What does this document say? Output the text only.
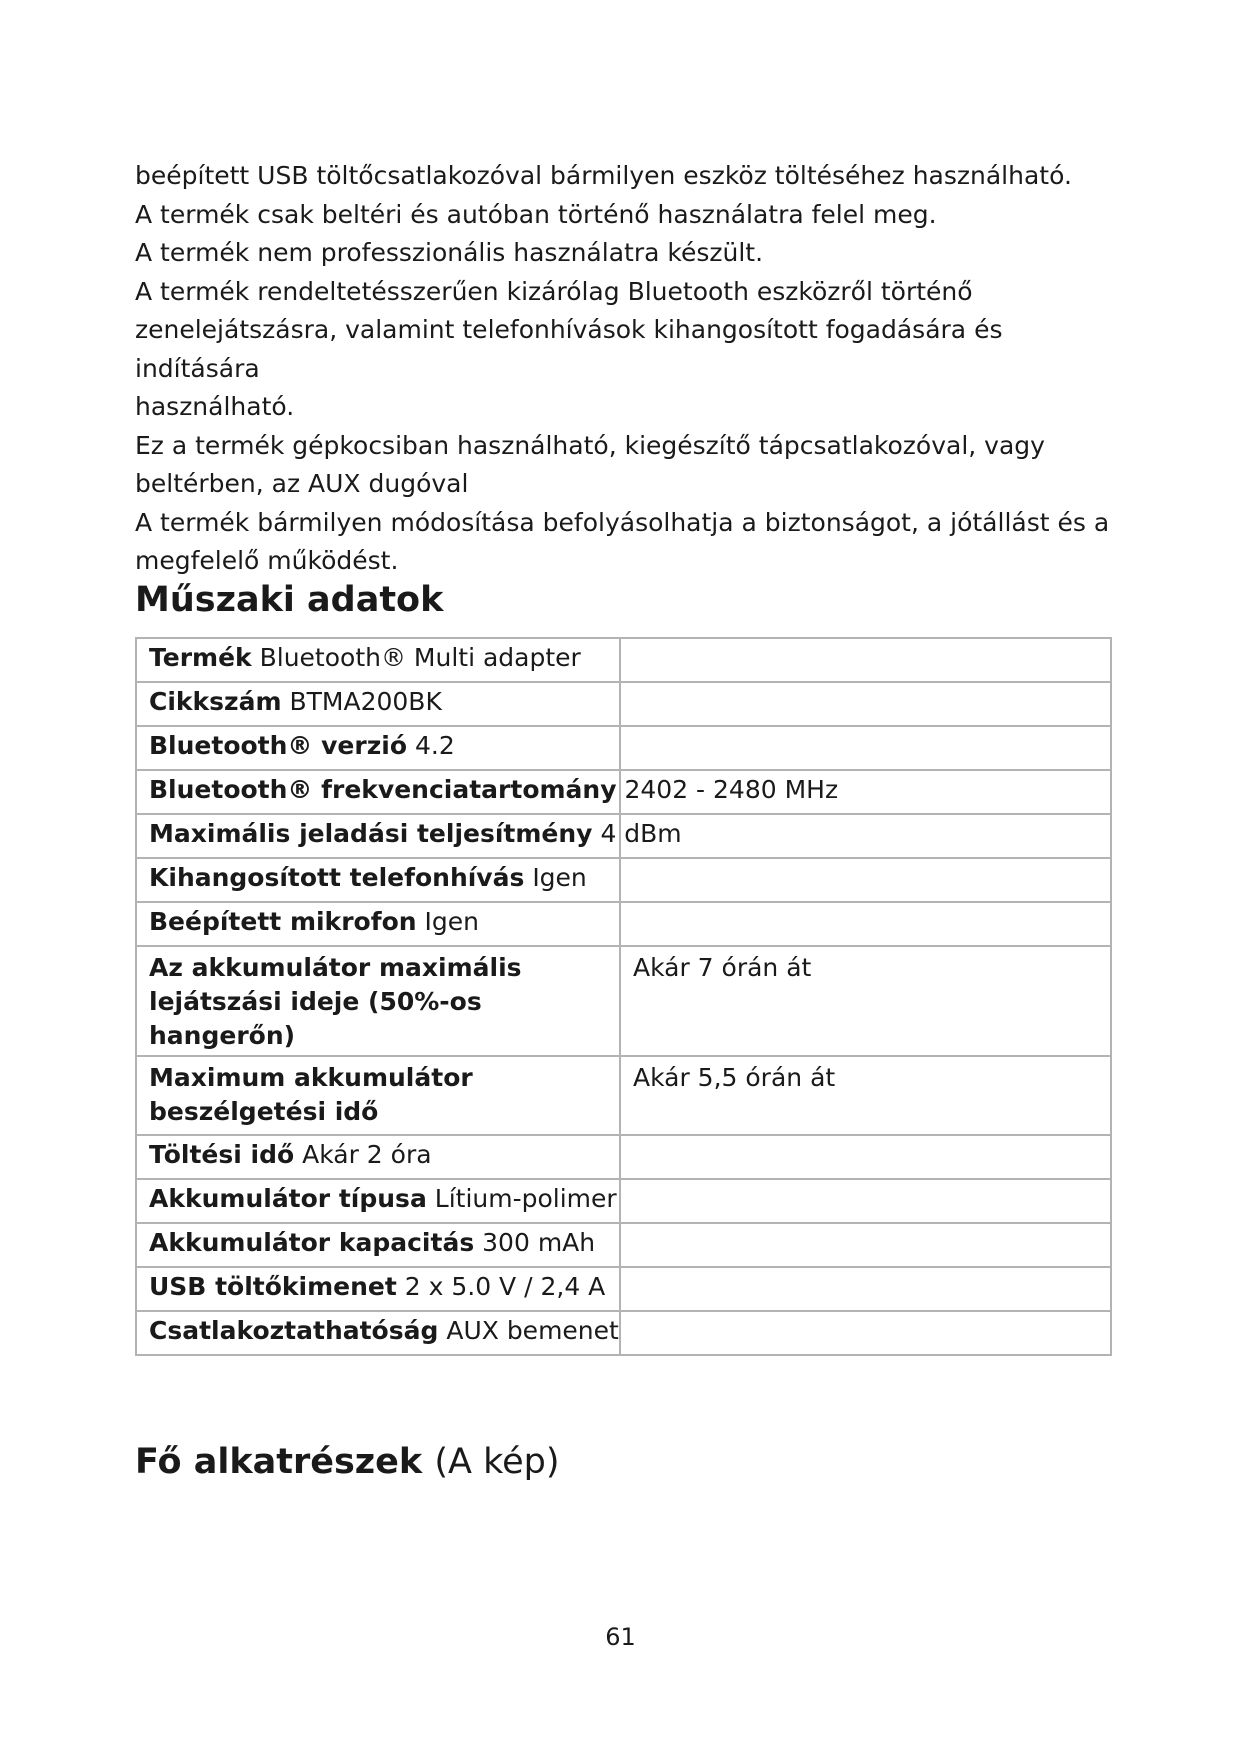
beépített USB töltőcsatlakozóval bármilyen eszköz töltéséhez használható.
A termék csak beltéri és autóban történő használatra felel meg.
A termék nem professzionális használatra készült.
A termék rendeltetésszerűen kizárólag Bluetooth eszközről történő
zenelejátszásra, valamint telefonhívások kihangosított fogadására és indítására
használható.
Ez a termék gépkocsiban használható, kiegészítő tápcsatlakozóval, vagy
beltérben, az AUX dugóval
A termék bármilyen módosítása befolyásolhatja a biztonságot, a jótállást és a
megfelelő működést.
Műszaki adatok
Termék Bluetooth® Multi adapter	
Cikkszám BTMA200BK	
Bluetooth® verzió 4.2	
Bluetooth® frekvenciatartomány 2402 - 2480 MHz	
Maximális jeladási teljesítmény 4 dBm	
Kihangosított telefonhívás Igen	
Beépített mikrofon Igen	
Az akkumulátor maximális lejátszási ideje (50%-os hangerőn)	Akár 7 órán át
Maximum akkumulátor beszélgetési idő	Akár 5,5 órán át
Töltési idő Akár 2 óra	
Akkumulátor típusa Lítium-polimer	
Akkumulátor kapacitás 300 mAh	
USB töltőkimenet 2 x 5.0 V / 2,4 A	
Csatlakoztathatóság AUX bemenet	
Fő alkatrészek (A kép)
61
